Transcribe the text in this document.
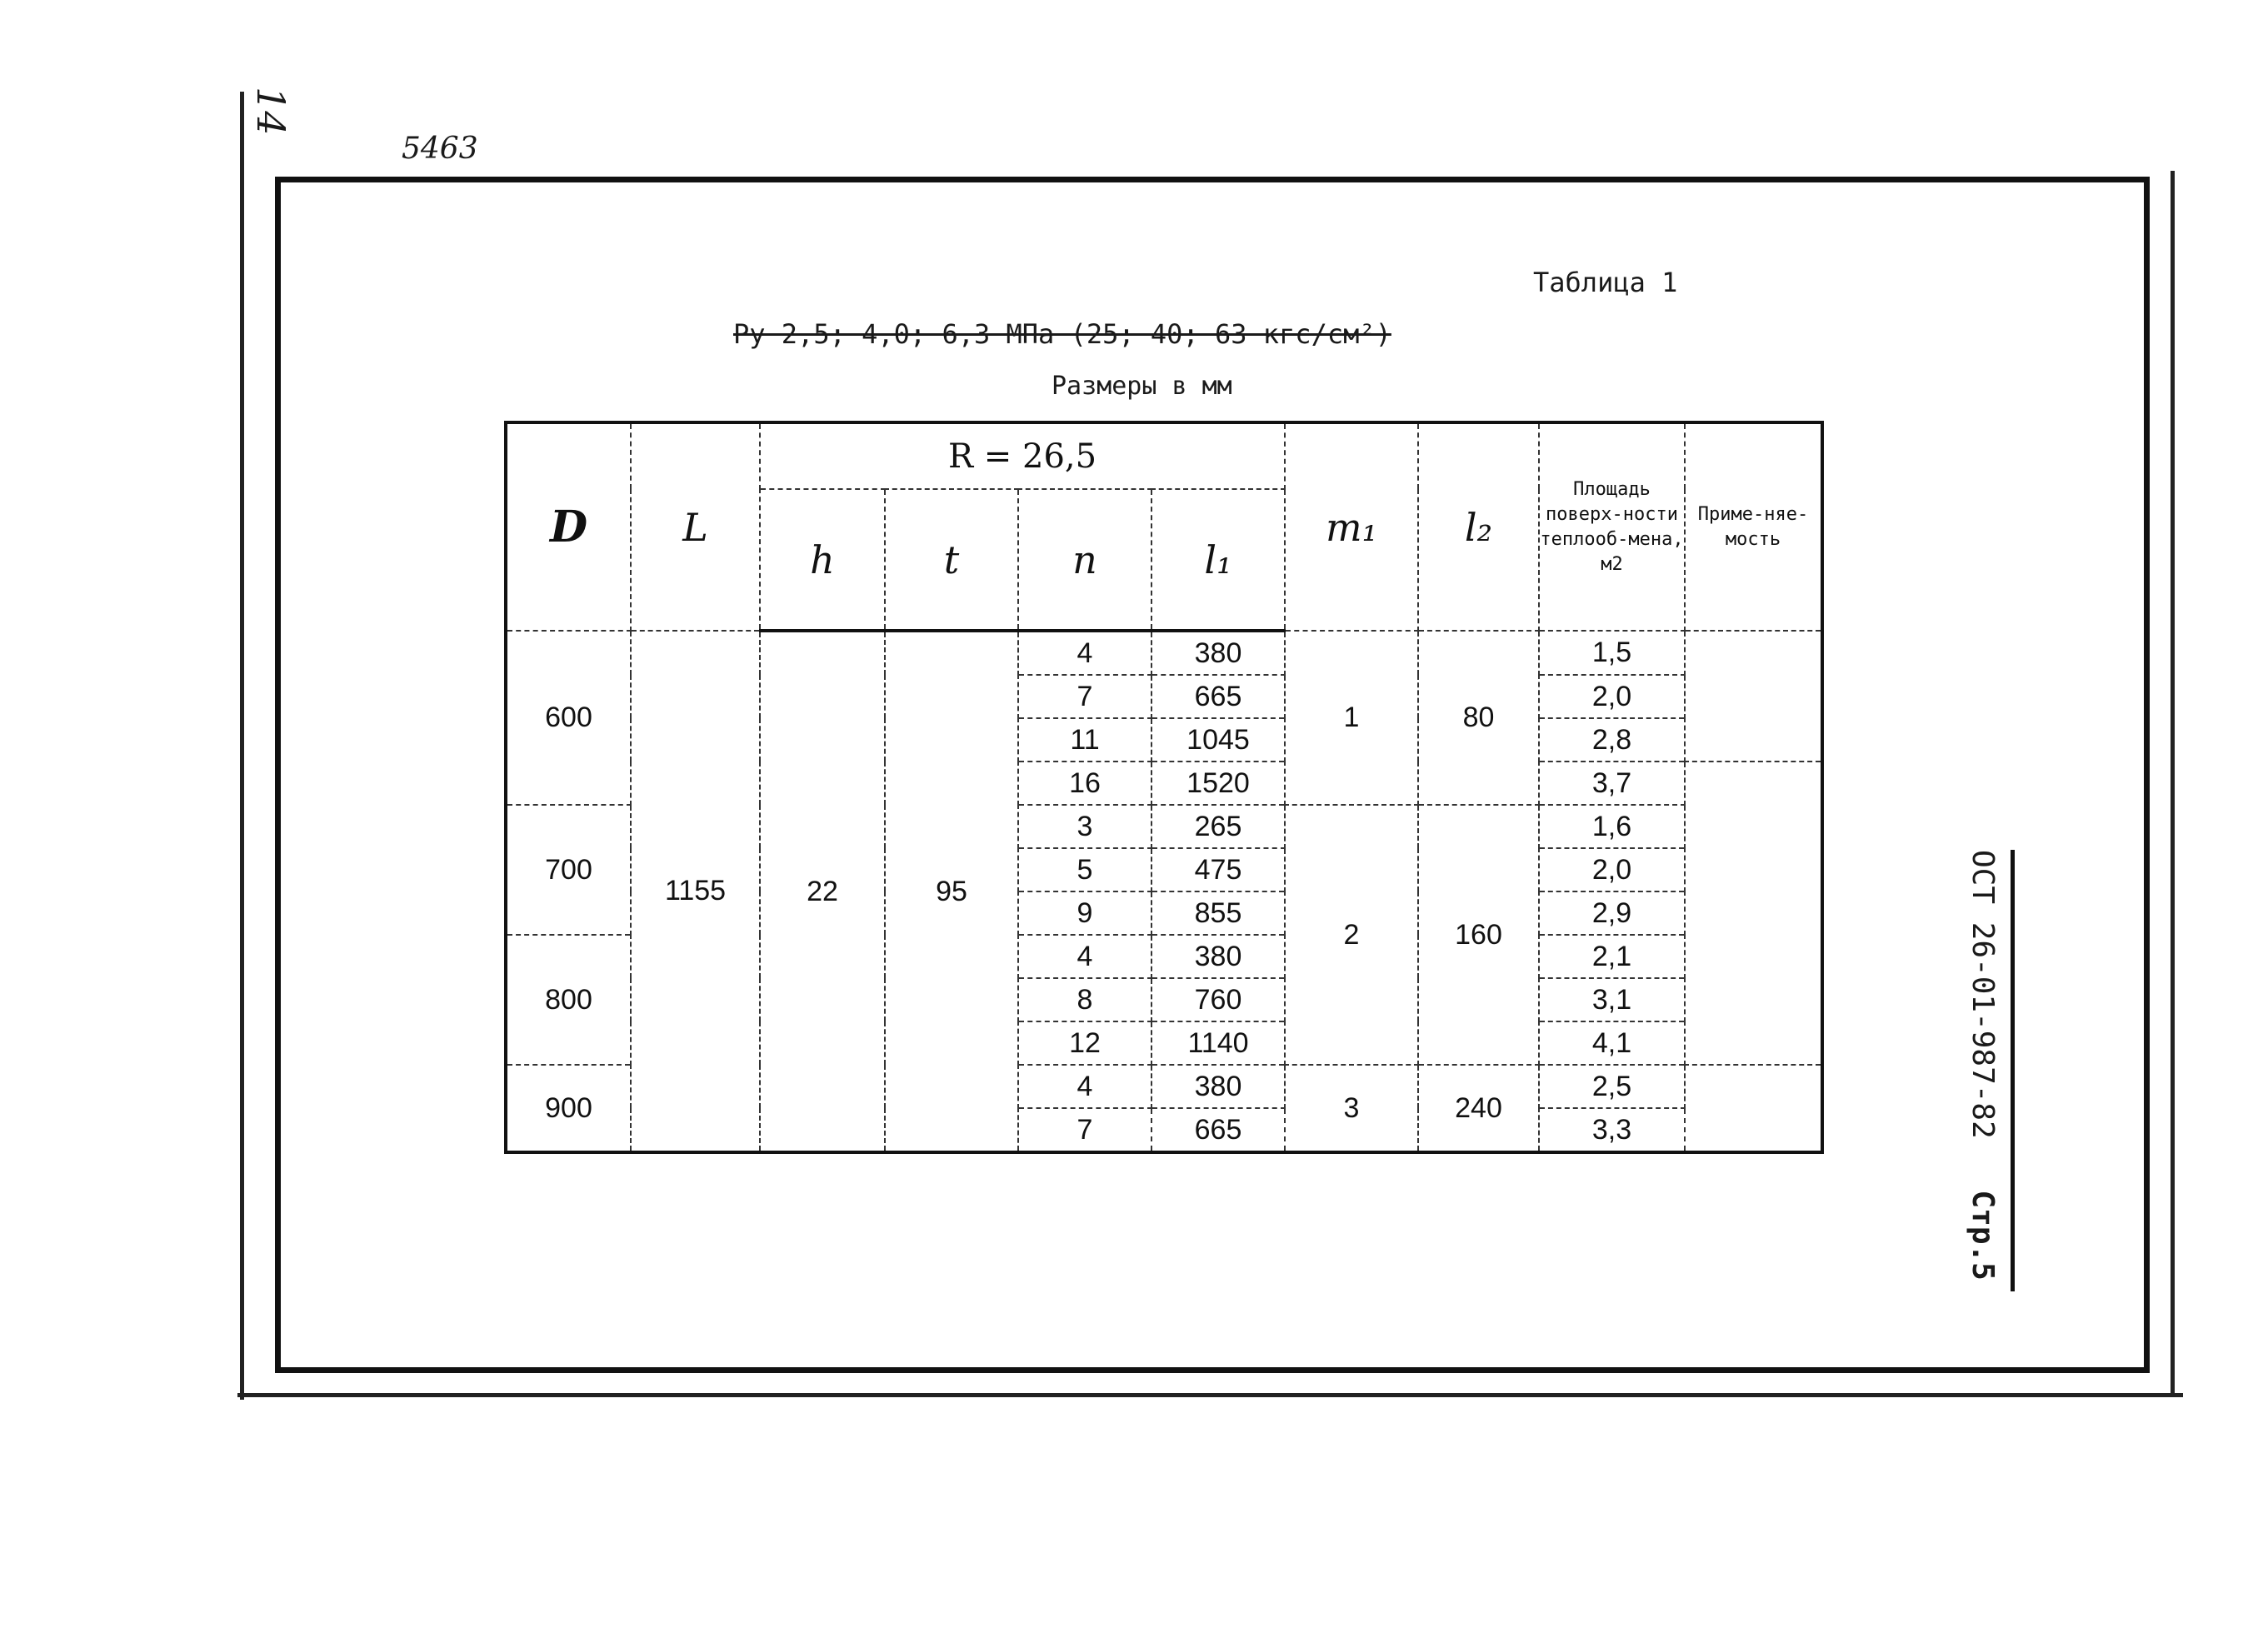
14
5463
Таблица 1
Ру 2,5; 4,0; 6,3 МПа (25; 40; 63 кгс/см²)
Размеры в мм
D	L	R = 26,5				m₁	l₂	Площадь поверх-ности теплооб-мена, м2	Приме-няе-мость
		h	t	n	l₁				
600	1155	22	95	4	380	1	80	1,5	
				7	665			2,0	
				11	1045			2,8	
				16	1520			3,7	
700				3	265	2	160	1,6	
				5	475			2,0	
				9	855			2,9	
800				4	380			2,1	
				8	760			3,1	
				12	1140			4,1	
900				4	380	3	240	2,5	
				7	665			3,3		ОСТ 26-01-987-82 Стр.5
